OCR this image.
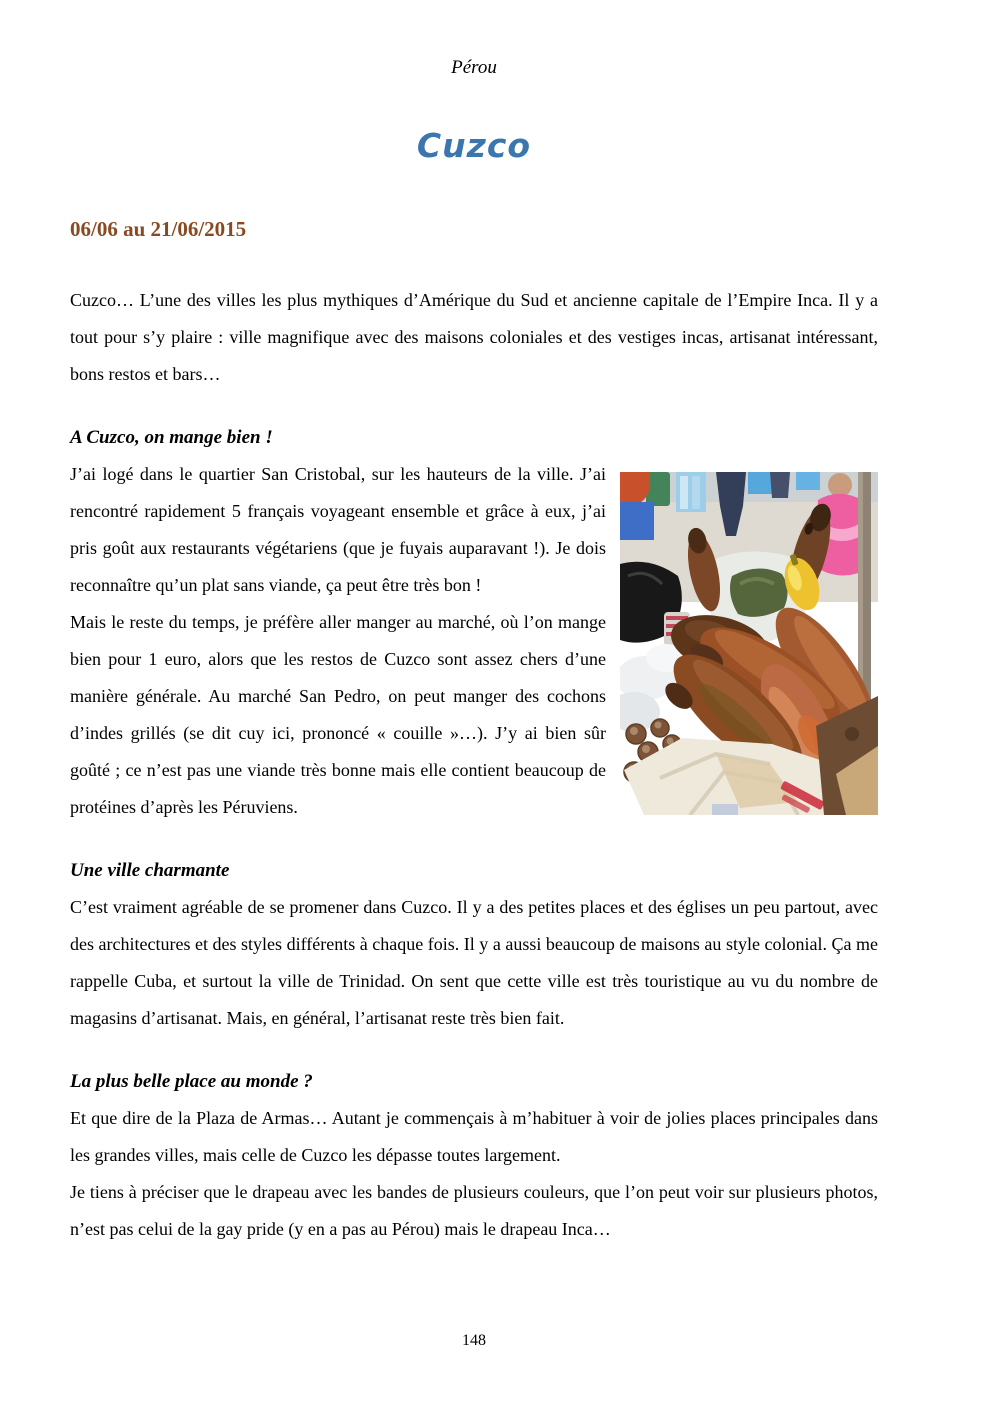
Pérou
Cuzco
06/06 au 21/06/2015

Cuzco… L’une des villes les plus mythiques d’Amérique du Sud et ancienne capitale de l’Empire Inca. Il y a tout pour s’y plaire : ville magnifique avec des maisons coloniales et des vestiges incas, artisanat intéressant, bons restos et bars…

A Cuzco, on mange bien !

J’ai logé dans le quartier San Cristobal, sur les hauteurs de la ville. J’ai rencontré rapidement 5 français voyageant ensemble et grâce à eux, j’ai pris goût aux restaurants végétariens (que je fuyais auparavant !). Je dois reconnaître qu’un plat sans viande, ça peut être très bon !

Mais le reste du temps, je préfère aller manger au marché, où l’on mange bien pour 1 euro, alors que les restos de Cuzco sont assez chers d’une manière générale. Au marché San Pedro, on peut manger des cochons d’indes grillés (se dit cuy ici, prononcé « couille »…). J’y ai bien sûr goûté ; ce n’est pas une viande très bonne mais elle contient beaucoup de protéines d’après les Péruviens.

Une ville charmante

C’est vraiment agréable de se promener dans Cuzco. Il y a des petites places et des églises un peu partout, avec des architectures et des styles différents à chaque fois. Il y a aussi beaucoup de maisons au style colonial. Ça me rappelle Cuba, et surtout la ville de Trinidad. On sent que cette ville est très touristique au vu du nombre de magasins d’artisanat. Mais, en général, l’artisanat reste très bien fait.

La plus belle place au monde ?

Et que dire de la Plaza de Armas… Autant je commençais à m’habituer à voir de jolies places principales dans les grandes villes, mais celle de Cuzco les dépasse toutes largement.

Je tiens à préciser que le drapeau avec les bandes de plusieurs couleurs, que l’on peut voir sur plusieurs photos, n’est pas celui de la gay pride (y en a pas au Pérou) mais le drapeau Inca…

148
